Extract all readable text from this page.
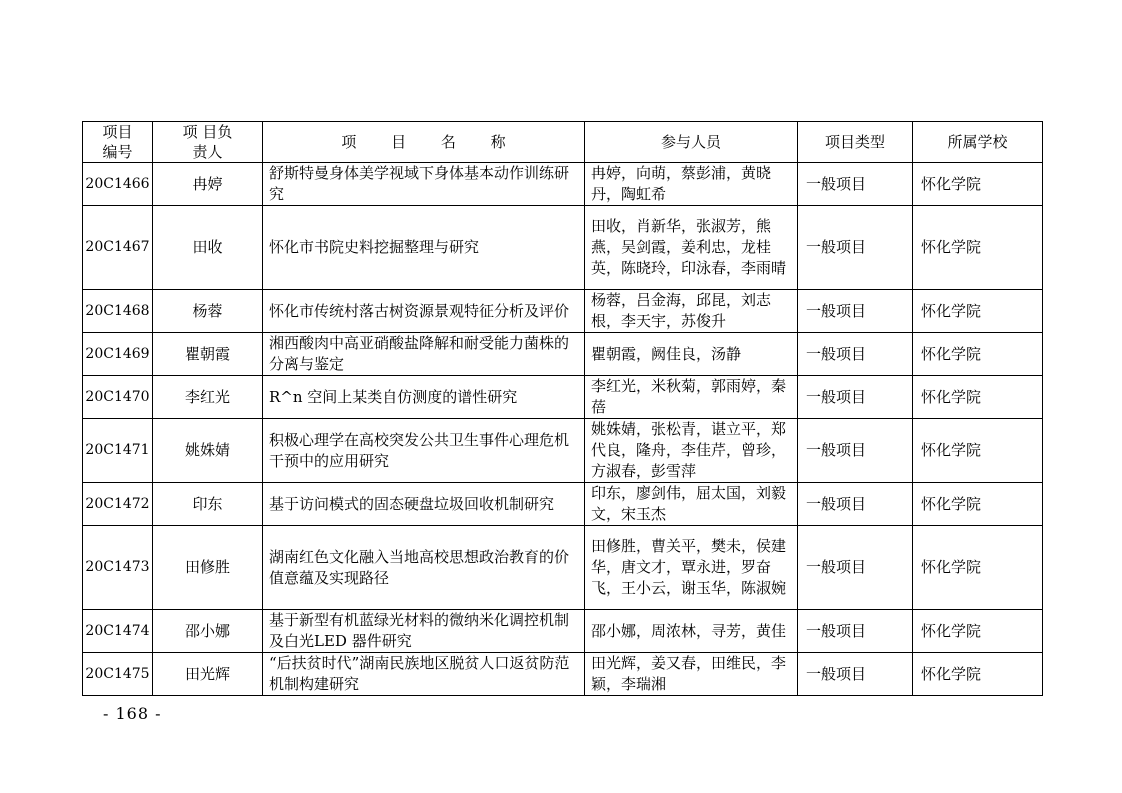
项目编号	项 目负责人	项 目 名 称	参与人员	项目类型	所属学校
20C1466	冉婷	舒斯特曼身体美学视域下身体基本动作训练研究	冉婷，向萌，蔡彭浦，黄晓丹，陶虹希	一般项目	怀化学院
20C1467	田收	怀化市书院史料挖掘整理与研究	田收，肖新华，张淑芳，熊燕，吴剑霞，姜利忠，龙桂英，陈晓玲，印泳春，李雨晴	一般项目	怀化学院
20C1468	杨蓉	怀化市传统村落古树资源景观特征分析及评价	杨蓉，吕金海，邱昆，刘志根，李天宇，苏俊升	一般项目	怀化学院
20C1469	瞿朝霞	湘西酸肉中高亚硝酸盐降解和耐受能力菌株的分离与鉴定	瞿朝霞，阙佳良，汤静	一般项目	怀化学院
20C1470	李红光	R^n 空间上某类自仿测度的谱性研究	李红光，米秋菊，郭雨婷，秦蓓	一般项目	怀化学院
20C1471	姚姝婧	积极心理学在高校突发公共卫生事件心理危机干预中的应用研究	姚姝婧，张松青，谌立平，郑代良，隆舟，李佳芹，曾珍，方淑春，彭雪萍	一般项目	怀化学院
20C1472	印东	基于访问模式的固态硬盘垃圾回收机制研究	印东，廖剑伟，屈太国，刘毅文，宋玉杰	一般项目	怀化学院
20C1473	田修胜	湖南红色文化融入当地高校思想政治教育的价值意蕴及实现路径	田修胜，曹关平，樊未，侯建华，唐文才，覃永进，罗奋飞，王小云，谢玉华，陈淑婉	一般项目	怀化学院
20C1474	邵小娜	基于新型有机蓝绿光材料的微纳米化调控机制及白光LED 器件研究	邵小娜，周浓林，寻芳，黄佳	一般项目	怀化学院
20C1475	田光辉	“后扶贫时代”湖南民族地区脱贫人口返贫防范机制构建研究	田光辉，姜又春，田维民，李颖，李瑞湘	一般项目	怀化学院
- 168 -
